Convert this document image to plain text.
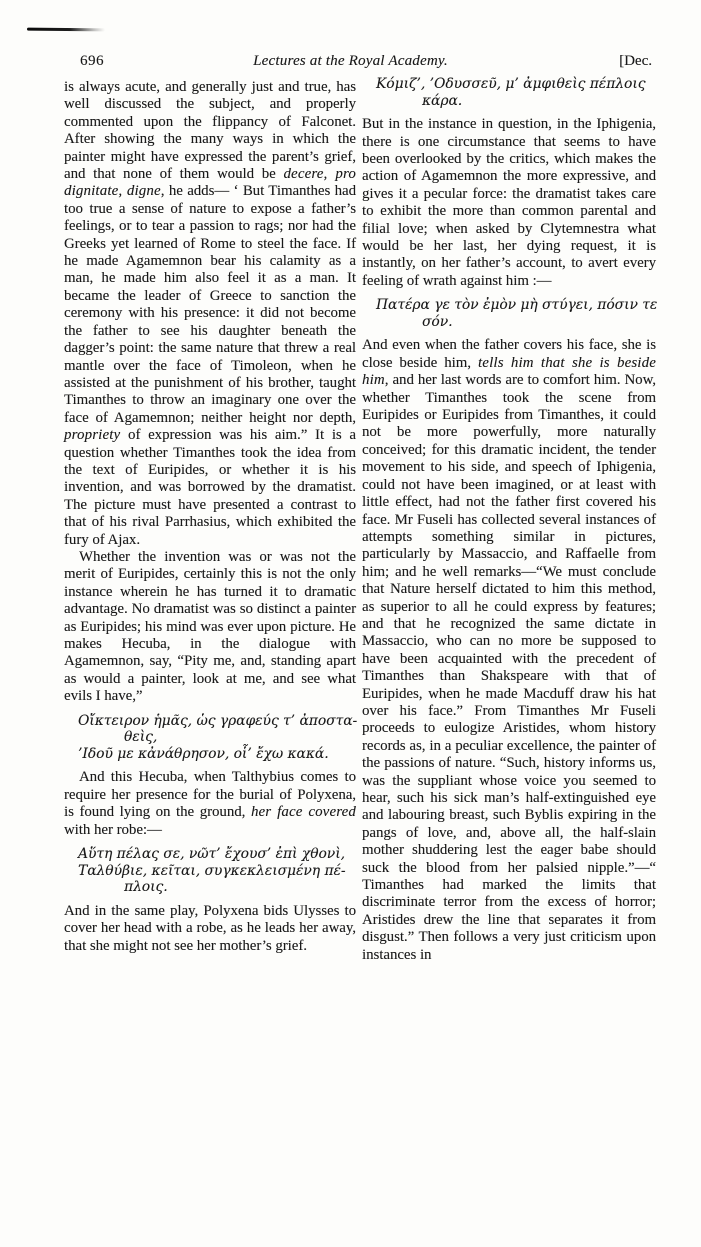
696	Lectures at the Royal Academy.	[Dec.

is always acute, and generally just and true, has well discussed the subject, and properly commented upon the flippancy of Falconet. After showing the many ways in which the painter might have expressed the parent’s grief, and that none of them would be decere, pro dignitate, digne, he adds— ‘ But Timanthes had too true a sense of nature to expose a father’s feelings, or to tear a passion to rags; nor had the Greeks yet learned of Rome to steel the face. If he made Agamemnon bear his calamity as a man, he made him also feel it as a man. It became the leader of Greece to sanction the ceremony with his presence: it did not become the father to see his daughter beneath the dagger’s point: the same nature that threw a real mantle over the face of Timoleon, when he assisted at the punishment of his brother, taught Timanthes to throw an imaginary one over the face of Agamemnon; neither height nor depth, propriety of expression was his aim.” It is a question whether Timanthes took the idea from the text of Euripides, or whether it is his invention, and was borrowed by the dramatist. The picture must have presented a contrast to that of his rival Parrhasius, which exhibited the fury of Ajax.

Whether the invention was or was not the merit of Euripides, certainly this is not the only instance wherein he has turned it to dramatic advantage. No dramatist was so distinct a painter as Euripides; his mind was ever upon picture. He makes Hecuba, in the dialogue with Agamemnon, say, “Pity me, and, standing apart as would a painter, look at me, and see what evils I have,”

Οἴκτειρον ἡμᾶς, ὡς γραφεύς τ’ ἀποστα-
θεὶς,
’Ιδοῦ με κἀνάθρησον, οἷ’ ἔχω κακά.

And this Hecuba, when Talthybius comes to require her presence for the burial of Polyxena, is found lying on the ground, her face covered with her robe:—

Αὕτη πέλας σε, νῶτ’ ἔχουσ’ ἐπὶ χθονὶ,
Ταλθύβιε, κεῖται, συγκεκλεισμένη πέ-
πλοις.

And in the same play, Polyxena bids Ulysses to cover her head with a robe, as he leads her away, that she might not see her mother’s grief.

Κόμιζ’, ’Οδυσσεῦ, μ’ ἀμφιθεὶς πέπλοις
κάρα.

But in the instance in question, in the Iphigenia, there is one circumstance that seems to have been overlooked by the critics, which makes the action of Agamemnon the more expressive, and gives it a pecular force: the dramatist takes care to exhibit the more than common parental and filial love; when asked by Clytemnestra what would be her last, her dying request, it is instantly, on her father’s account, to avert every feeling of wrath against him :—

Πατέρα γε τὸν ἐμὸν μὴ στύγει, πόσιν τε
σόν.

And even when the father covers his face, she is close beside him, tells him that she is beside him, and her last words are to comfort him. Now, whether Timanthes took the scene from Euripides or Euripides from Timanthes, it could not be more powerfully, more naturally conceived; for this dramatic incident, the tender movement to his side, and speech of Iphigenia, could not have been imagined, or at least with little effect, had not the father first covered his face. Mr Fuseli has collected several instances of attempts something similar in pictures, particularly by Massaccio, and Raffaelle from him; and he well remarks—“We must conclude that Nature herself dictated to him this method, as superior to all he could express by features; and that he recognized the same dictate in Massaccio, who can no more be supposed to have been acquainted with the precedent of Timanthes than Shakspeare with that of Euripides, when he made Macduff draw his hat over his face.” From Timanthes Mr Fuseli proceeds to eulogize Aristides, whom history records as, in a peculiar excellence, the painter of the passions of nature. “Such, history informs us, was the suppliant whose voice you seemed to hear, such his sick man’s half-extinguished eye and labouring breast, such Byblis expiring in the pangs of love, and, above all, the half-slain mother shuddering lest the eager babe should suck the blood from her palsied nipple.”—“ Timanthes had marked the limits that discriminate terror from the excess of horror; Aristides drew the line that separates it from disgust.” Then follows a very just criticism upon instances in
